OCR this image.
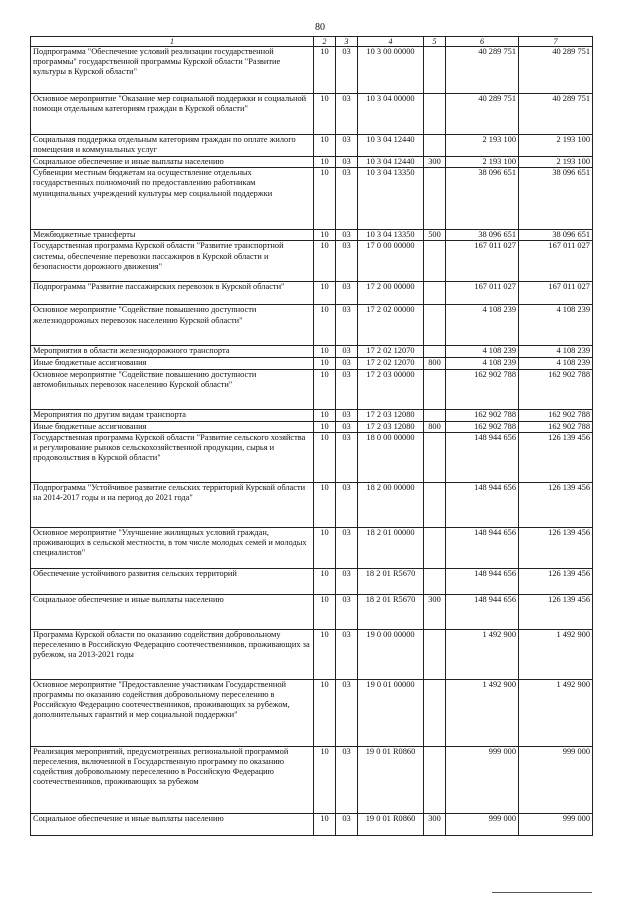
80
1	2	3	4	5	6	7
Подпрограмма "Обеспечение условий реализации государственной программы" государственной программы Курской области "Развитие культуры в Курской области"	10	03	10 3 00 00000		40 289 751	40 289 751
Основное мероприятие "Оказание мер социальной поддержки и социальной помощи отдельным категориям граждан в Курской области"	10	03	10 3 04 00000		40 289 751	40 289 751
Социальная поддержка отдельным категориям граждан по оплате жилого помещения и коммунальных услуг	10	03	10 3 04 12440		2 193 100	2 193 100
Социальное обеспечение и иные выплаты населению	10	03	10 3 04 12440	300	2 193 100	2 193 100
Субвенции местным бюджетам на осуществление отдельных государственных полномочий по предоставлению работникам муниципальных учреждений культуры мер социальной поддержки	10	03	10 3 04 13350		38 096 651	38 096 651
Межбюджетные трансферты	10	03	10 3 04 13350	500	38 096 651	38 096 651
Государственная программа Курской области "Развитие транспортной системы, обеспечение перевозки пассажиров в Курской области и безопасности дорожного движения"	10	03	17 0 00 00000		167 011 027	167 011 027
Подпрограмма "Развитие пассажирских перевозок в Курской области"	10	03	17 2 00 00000		167 011 027	167 011 027
Основное мероприятие "Содействие повышению доступности железнодорожных перевозок населению Курской области"	10	03	17 2 02 00000		4 108 239	4 108 239
Мероприятия в области железнодорожного транспорта	10	03	17 2 02 12070		4 108 239	4 108 239
Иные бюджетные ассигнования	10	03	17 2 02 12070	800	4 108 239	4 108 239
Основное мероприятие "Содействие повышению доступности автомобильных перевозок населению Курской области"	10	03	17 2 03 00000		162 902 788	162 902 788
Мероприятия по другим видам транспорта	10	03	17 2 03 12080		162 902 788	162 902 788
Иные бюджетные ассигнования	10	03	17 2 03 12080	800	162 902 788	162 902 788
Государственная программа Курской области "Развитие сельского хозяйства и регулирование рынков сельскохозяйственной продукции, сырья и продовольствия в Курской области"	10	03	18 0 00 00000		148 944 656	126 139 456
Подпрограмма "Устойчивое развитие сельских территорий Курской области на 2014-2017 годы и на период до 2021 года"	10	03	18 2 00 00000		148 944 656	126 139 456
Основное мероприятие "Улучшение жилищных условий граждан, проживающих в сельской местности, в том числе молодых семей и молодых специалистов"	10	03	18 2 01 00000		148 944 656	126 139 456
Обеспечение устойчивого развития сельских территорий	10	03	18 2 01 R5670		148 944 656	126 139 456
Социальное обеспечение и иные выплаты населению	10	03	18 2 01 R5670	300	148 944 656	126 139 456
Программа Курской области по оказанию содействия добровольному переселению в Российскую Федерацию соотечественников, проживающих за рубежом, на 2013-2021 годы	10	03	19 0 00 00000		1 492 900	1 492 900
Основное мероприятие "Предоставление участникам Государственной программы по оказанию содействия добровольному переселению в Российскую Федерацию соотечественников, проживающих за рубежом, дополнительных гарантий и мер социальной поддержки"	10	03	19 0 01 00000		1 492 900	1 492 900
Реализация мероприятий, предусмотренных региональной программой переселения, включенной в Государственную программу по оказанию содействия добровольному переселению в Российскую Федерацию соотечественников, проживающих за рубежом	10	03	19 0 01 R0860		999 000	999 000
Социальное обеспечение и иные выплаты населению	10	03	19 0 01 R0860	300	999 000	999 000
